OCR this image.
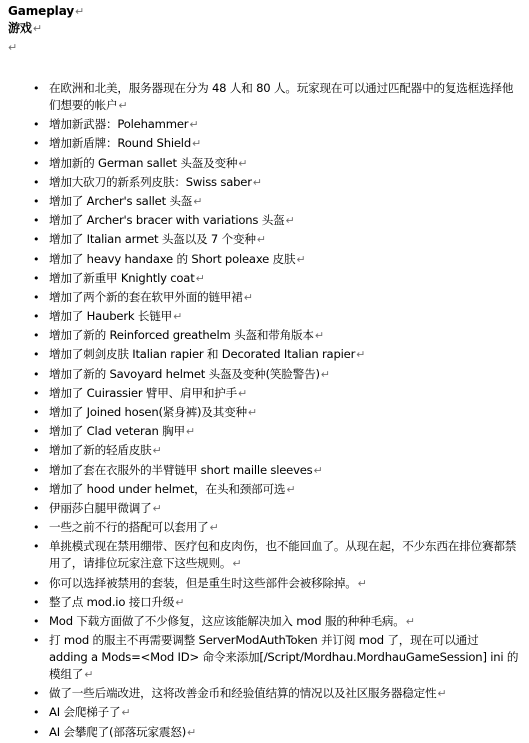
Gameplay↵
游戏↵
↵
• 在欧洲和北美，服务器现在分为 48 人和 80 人。玩家现在可以通过匹配器中的复选框选择他们想要的帐户↵
• 增加新武器：Polehammer↵
• 增加新盾牌：Round Shield↵
• 增加新的 German sallet 头盔及变种↵
• 增加大砍刀的新系列皮肤：Swiss saber↵
• 增加了 Archer's sallet 头盔↵
• 增加了 Archer's bracer with variations 头盔↵
• 增加了 Italian armet 头盔以及 7 个变种↵
• 增加了 heavy handaxe 的 Short poleaxe 皮肤↵
• 增加了新重甲 Knightly coat↵
• 增加了两个新的套在软甲外面的链甲裙↵
• 增加了 Hauberk 长链甲↵
• 增加了新的 Reinforced greathelm 头盔和带角版本↵
• 增加了刺剑皮肤 Italian rapier 和 Decorated Italian rapier↵
• 增加了新的 Savoyard helmet 头盔及变种(笑脸警告)↵
• 增加了 Cuirassier 臂甲、肩甲和护手↵
• 增加了 Joined hosen(紧身裤)及其变种↵
• 增加了 Clad veteran 胸甲↵
• 增加了新的轻盾皮肤↵
• 增加了套在衣服外的半臂链甲 short maille sleeves↵
• 增加了 hood under helmet，在头和颈部可选↵
• 伊丽莎白腿甲微调了↵
• 一些之前不行的搭配可以套用了↵
• 单挑模式现在禁用绷带、医疗包和皮肉伤，也不能回血了。从现在起，不少东西在排位赛都禁用了，请排位玩家注意下这些规则。↵
• 你可以选择被禁用的套装，但是重生时这些部件会被移除掉。↵
• 整了点 mod.io 接口升级↵
• Mod 下载方面做了不少修复，这应该能解决加入 mod 服的种种毛病。↵
• 打 mod 的服主不再需要调整 ServerModAuthToken 并订阅 mod 了，现在可以通过 adding a Mods=<Mod ID> 命令来添加[/Script/Mordhau.MordhauGameSession] ini 的模组了↵
• 做了一些后端改进，这将改善金币和经验值结算的情况以及社区服务器稳定性↵
• AI 会爬梯子了↵
• AI 会攀爬了(部落玩家震怒)↵
